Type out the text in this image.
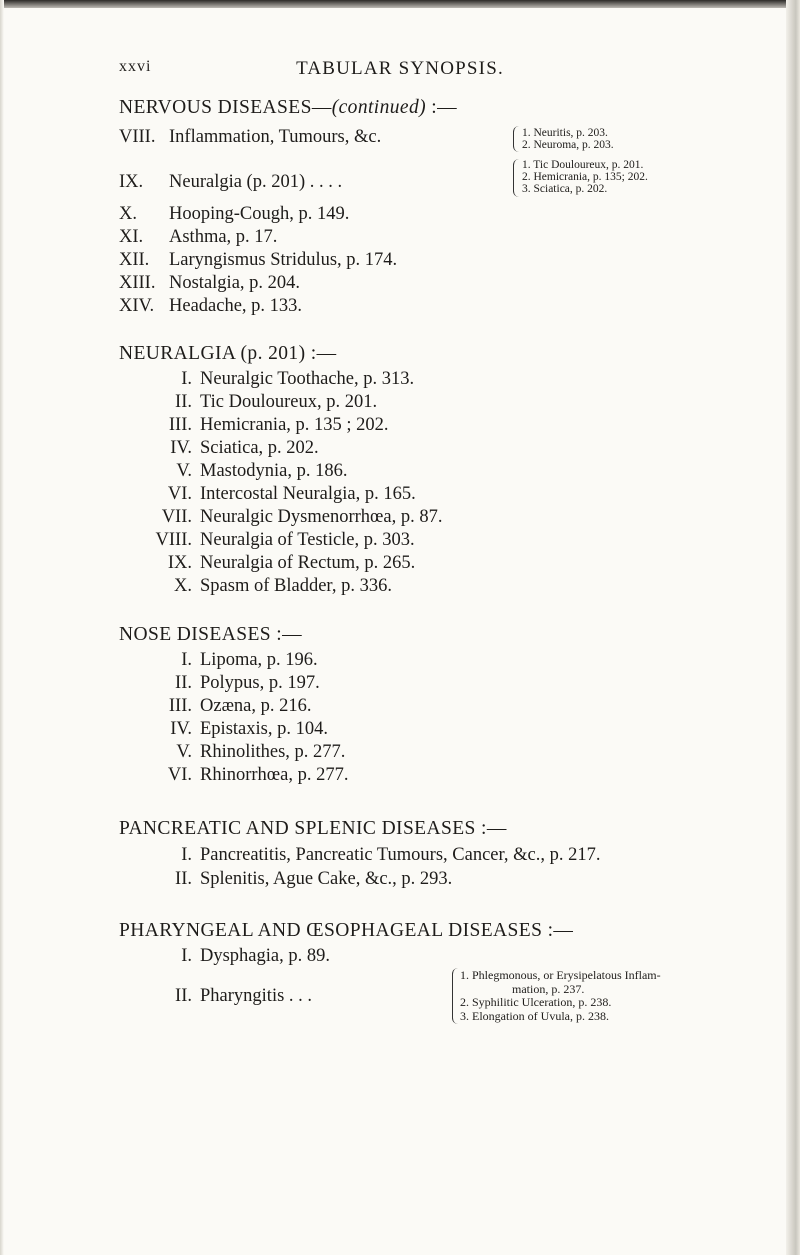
xxvi	TABULAR SYNOPSIS.
NERVOUS DISEASES—(continued) :—
VIII. Inflammation, Tumours, &c.	1. Neuritis, p. 203.
2. Neuroma, p. 203.
IX. Neuralgia (p. 201) . . . .
1. Tic Douloureux, p. 201.
2. Hemicrania, p. 135; 202.
3. Sciatica, p. 202.
X. Hooping-Cough, p. 149.
XI. Asthma, p. 17.
XII. Laryngismus Stridulus, p. 174.
XIII. Nostalgia, p. 204.
XIV. Headache, p. 133.
NEURALGIA (p. 201) :—
I. Neuralgic Toothache, p. 313.
II. Tic Douloureux, p. 201.
III. Hemicrania, p. 135 ; 202.
IV. Sciatica, p. 202.
V. Mastodynia, p. 186.
VI. Intercostal Neuralgia, p. 165.
VII. Neuralgic Dysmenorrhœa, p. 87.
VIII. Neuralgia of Testicle, p. 303.
IX. Neuralgia of Rectum, p. 265.
X. Spasm of Bladder, p. 336.
NOSE DISEASES :—
I. Lipoma, p. 196.
II. Polypus, p. 197.
III. Ozæna, p. 216.
IV. Epistaxis, p. 104.
V. Rhinolithes, p. 277.
VI. Rhinorrhœa, p. 277.
PANCREATIC AND SPLENIC DISEASES :—
I. Pancreatitis, Pancreatic Tumours, Cancer, &c., p. 217.
II. Splenitis, Ague Cake, &c., p. 293.
PHARYNGEAL AND ŒSOPHAGEAL DISEASES :—
I. Dysphagia, p. 89.
II. Pharyngitis . . .
1. Phlegmonous, or Erysipelatous Inflam-
mation, p. 237.
2. Syphilitic Ulceration, p. 238.
3. Elongation of Uvula, p. 238.
